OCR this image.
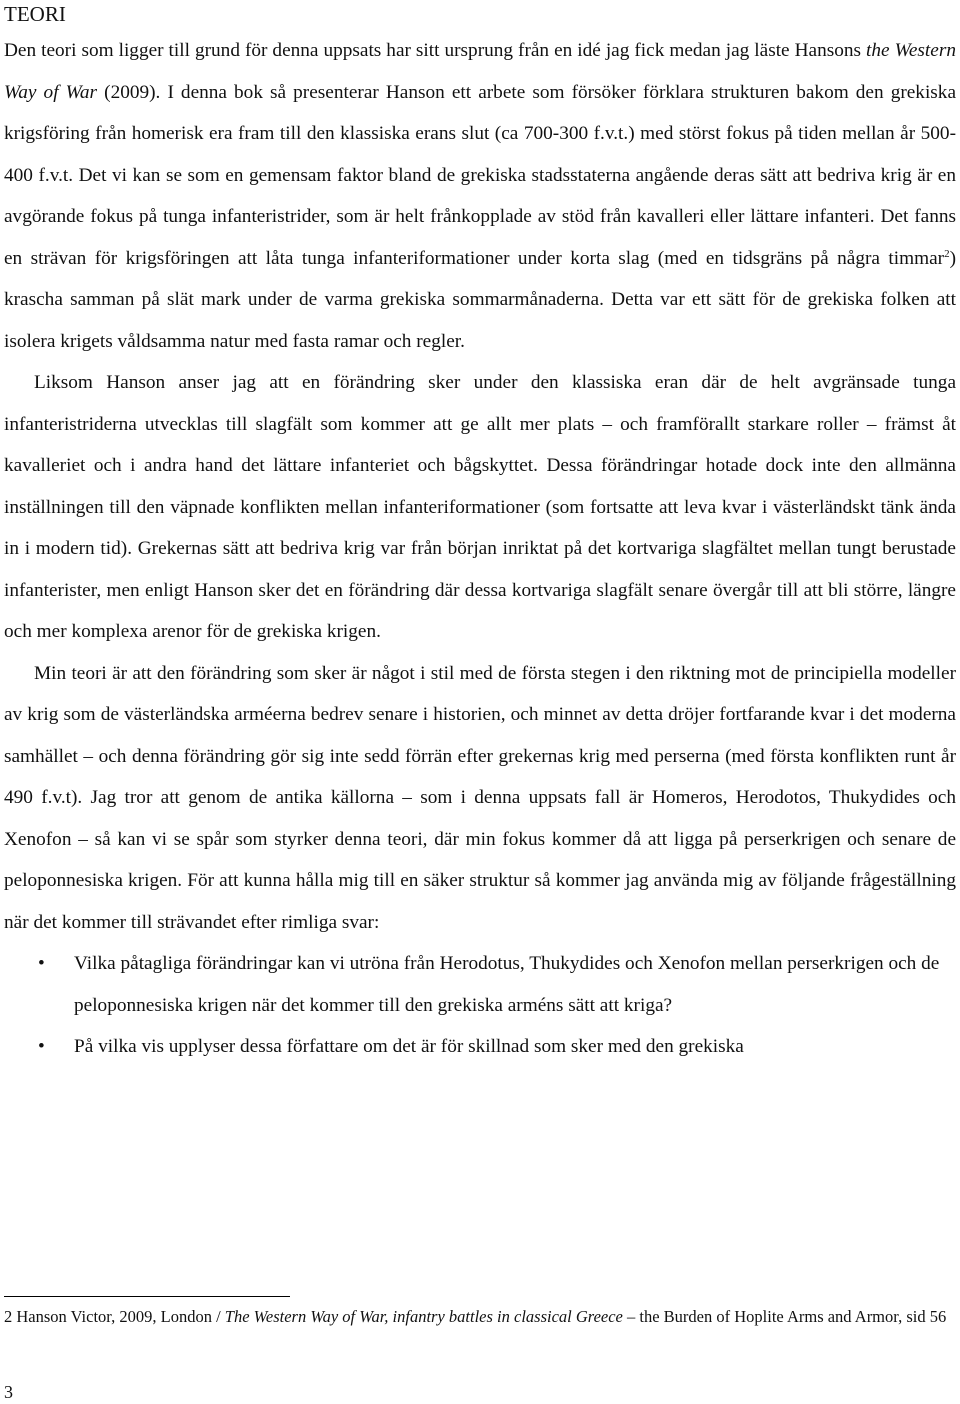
TEORI

Den teori som ligger till grund för denna uppsats har sitt ursprung från en idé jag fick medan jag läste Hansons the Western Way of War (2009). I denna bok så presenterar Hanson ett arbete som försöker förklara strukturen bakom den grekiska krigsföring från homerisk era fram till den klassiska erans slut (ca 700-300 f.v.t.) med störst fokus på tiden mellan år 500-400 f.v.t. Det vi kan se som en gemensam faktor bland de grekiska stadsstaterna angående deras sätt att bedriva krig är en avgörande fokus på tunga infanteristrider, som är helt frånkopplade av stöd från kavalleri eller lättare infanteri. Det fanns en strävan för krigsföringen att låta tunga infanteriformationer under korta slag (med en tidsgräns på några timmar$^2$) krascha samman på slät mark under de varma grekiska sommarmånaderna. Detta var ett sätt för de grekiska folken att isolera krigets våldsamma natur med fasta ramar och regler.

Liksom Hanson anser jag att en förändring sker under den klassiska eran där de helt avgränsade tunga infanteristriderna utvecklas till slagfält som kommer att ge allt mer plats – och framförallt starkare roller – främst åt kavalleriet och i andra hand det lättare infanteriet och bågskyttet. Dessa förändringar hotade dock inte den allmänna inställningen till den väpnade konflikten mellan infanteriformationer (som fortsatte att leva kvar i västerländskt tänk ända in i modern tid). Grekernas sätt att bedriva krig var från början inriktat på det kortvariga slagfältet mellan tungt berustade infanterister, men enligt Hanson sker det en förändring där dessa kortvariga slagfält senare övergår till att bli större, längre och mer komplexa arenor för de grekiska krigen.

Min teori är att den förändring som sker är något i stil med de första stegen i den riktning mot de principiella modeller av krig som de västerländska arméerna bedrev senare i historien, och minnet av detta dröjer fortfarande kvar i det moderna samhället – och denna förändring gör sig inte sedd förrän efter grekernas krig med perserna (med första konflikten runt år 490 f.v.t). Jag tror att genom de antika källorna – som i denna uppsats fall är Homeros, Herodotos, Thukydides och Xenofon – så kan vi se spår som styrker denna teori, där min fokus kommer då att ligga på perserkrigen och senare de peloponnesiska krigen. För att kunna hålla mig till en säker struktur så kommer jag använda mig av följande frågeställning när det kommer till strävandet efter rimliga svar:

• Vilka påtagliga förändringar kan vi utröna från Herodotus, Thukydides och Xenofon mellan perserkrigen och de peloponnesiska krigen när det kommer till den grekiska arméns sätt att kriga?
• På vilka vis upplyser dessa författare om det är för skillnad som sker med den grekiska
2 Hanson Victor, 2009, London / The Western Way of War, infantry battles in classical Greece – the Burden of Hoplite Arms and Armor, sid 56
3
